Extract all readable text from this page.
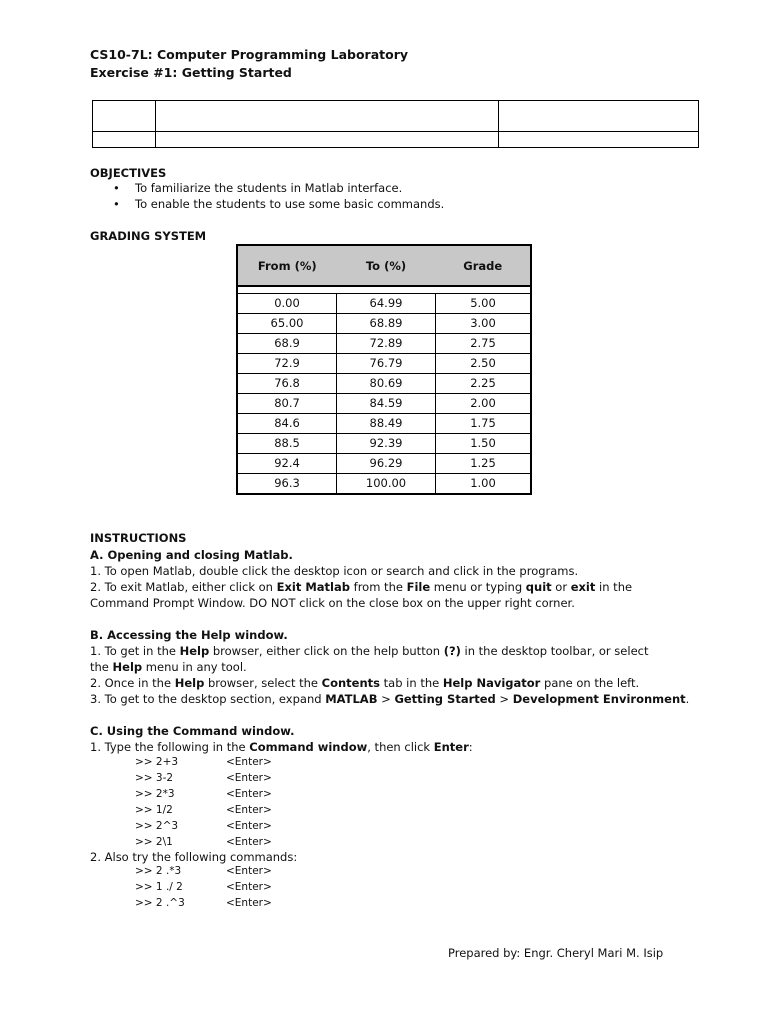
CS10-7L: Computer Programming Laboratory
Exercise #1: Getting Started

OBJECTIVES
• To familiarize the students in Matlab interface.
• To enable the students to use some basic commands.
GRADING SYSTEM
From (%)	To (%)	Grade

0.00	64.99	5.00
65.00	68.89	3.00
68.9	72.89	2.75
72.9	76.79	2.50
76.8	80.69	2.25
80.7	84.59	2.00
84.6	88.49	1.75
88.5	92.39	1.50
92.4	96.29	1.25
96.3	100.00	1.00
INSTRUCTIONS
A. Opening and closing Matlab.
1. To open Matlab, double click the desktop icon or search and click in the programs.
2. To exit Matlab, either click on Exit Matlab from the File menu or typing quit or exit in the
Command Prompt Window. DO NOT click on the close box on the upper right corner.
B. Accessing the Help window.
1. To get in the Help browser, either click on the help button (?) in the desktop toolbar, or select
the Help menu in any tool.
2. Once in the Help browser, select the Contents tab in the Help Navigator pane on the left.
3. To get to the desktop section, expand MATLAB > Getting Started > Development Environment.
C. Using the Command window.
1. Type the following in the Command window, then click Enter:
>> 2+3	<Enter>
>> 3-2	<Enter>
>> 2*3	<Enter>
>> 1/2	<Enter>
>> 2^3	<Enter>
>> 2\1	<Enter>
2. Also try the following commands:
>> 2 .*3	<Enter>
>> 1 ./ 2	<Enter>
>> 2 .^3	<Enter>
Prepared by: Engr. Cheryl Mari M. Isip
